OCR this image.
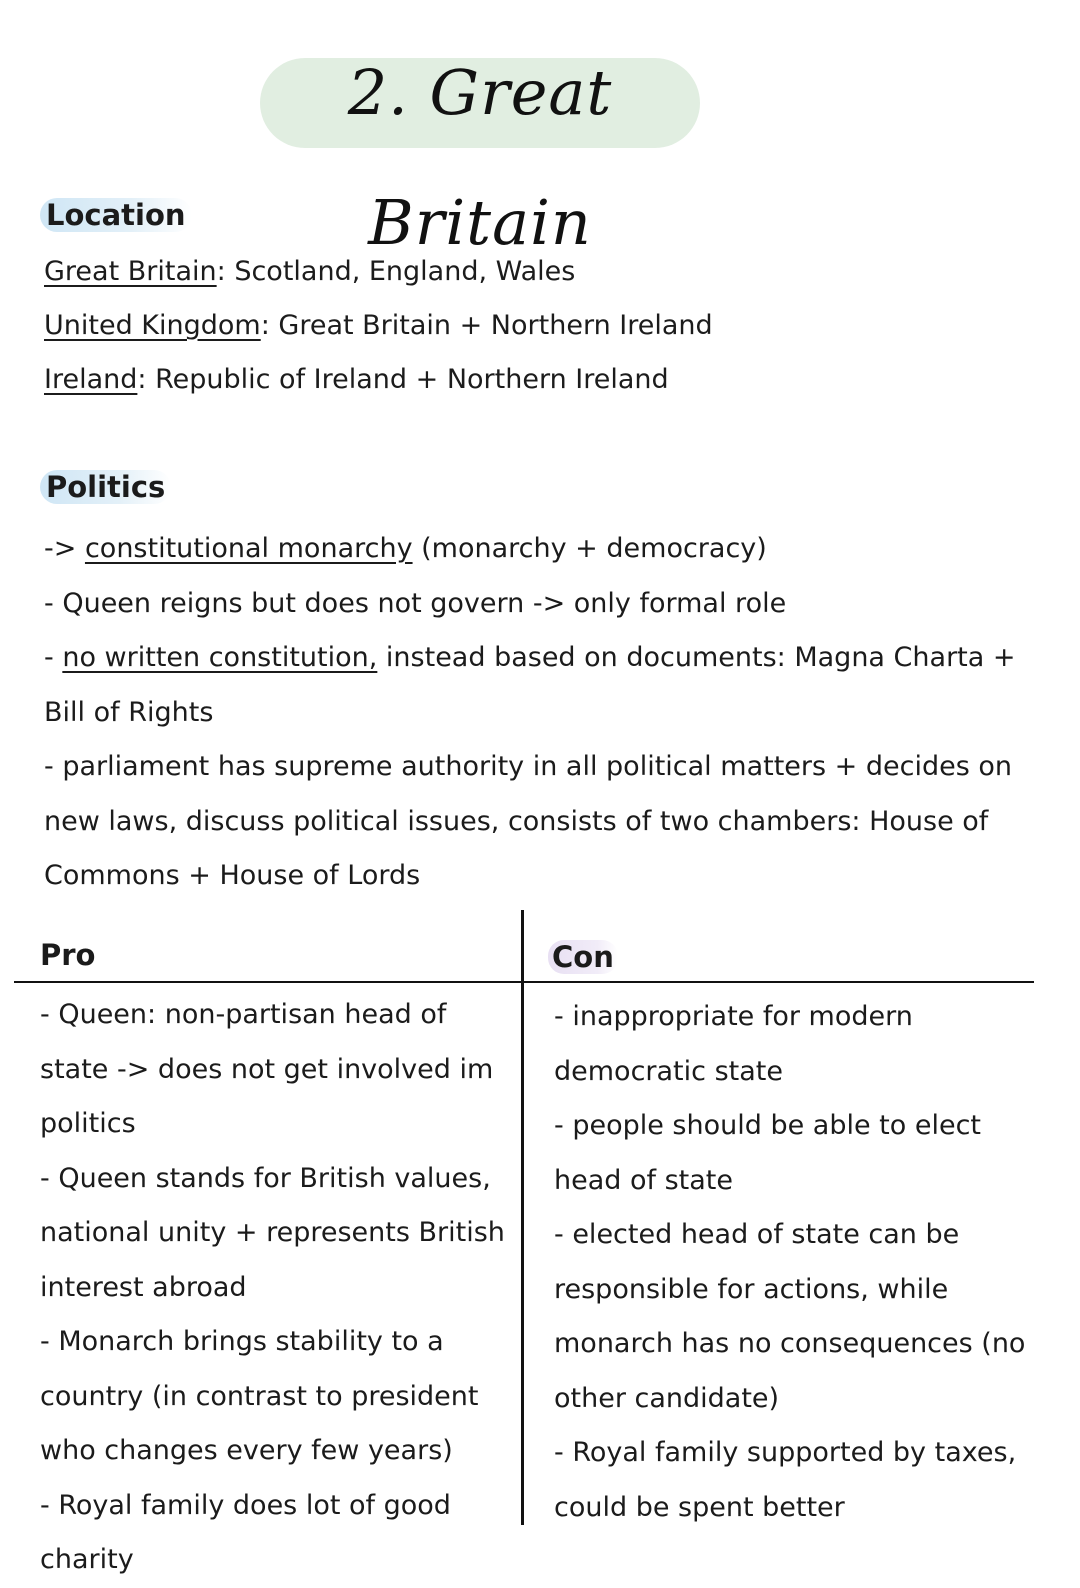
2. Great Britain
Location
Great Britain: Scotland, England, Wales
United Kingdom: Great Britain + Northern Ireland
Ireland: Republic of Ireland + Northern Ireland
Politics

-> constitutional monarchy (monarchy + democracy)

- Queen reigns but does not govern -> only formal role

- no written constitution, instead based on documents: Magna Charta + Bill of Rights

- parliament has supreme authority in all political matters + decides on new laws, discuss political issues, consists of two chambers: House of Commons + House of Lords

Pro	Con

- Queen: non-partisan head of state -> does not get involved im politics

- Queen stands for British values, national unity + represents British interest abroad

- Monarch brings stability to a country (in contrast to president who changes every few years)

- Royal family does lot of good charity

- inappropriate for modern democratic state

- people should be able to elect head of state

- elected head of state can be responsible for actions, while monarch has no consequences (no other candidate)

- Royal family supported by taxes, could be spent better
